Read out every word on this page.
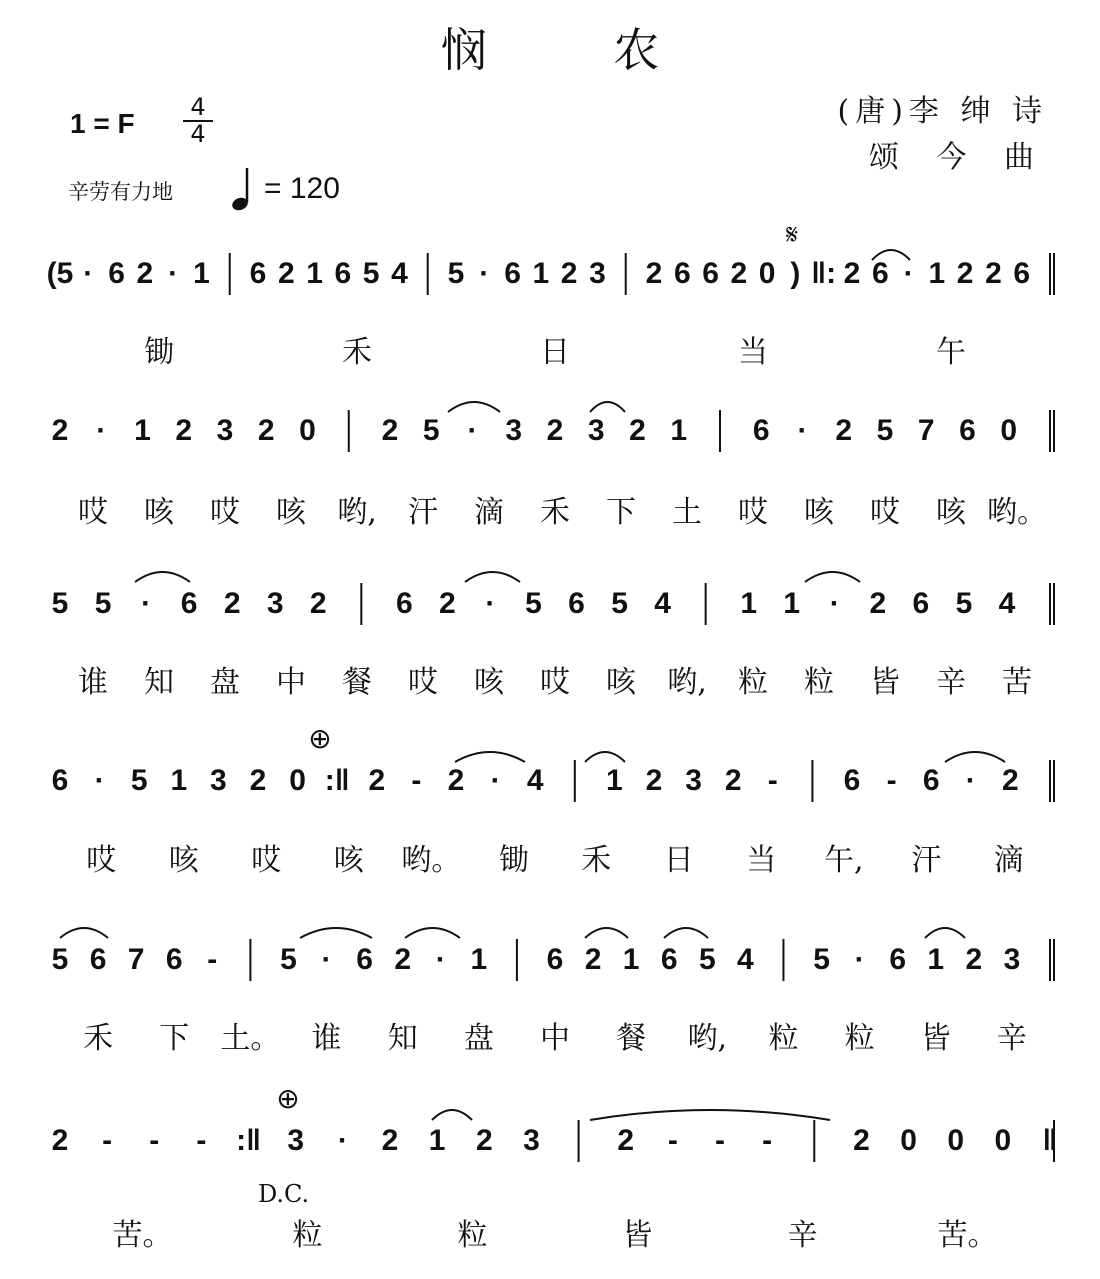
悯 农
1 = F
4
4
(唐)李 绅 诗
颂 今 曲
辛劳有力地	= 120
(5 · 6 2 · 1 | 6 2 1 6 5 4 | 5 · 6 1 2 3 | 2 6 6 2 0 ) ‖: 2 6 · 1 2 2 6 |
锄	禾	日	当	午
2 · 1 2 3 2 0 | 2 5 · 3 2 3 2 1 | 6 · 2 5 7 6 0 |
哎 咳 哎 咳 哟, 汗 滴 禾 下 土 哎 咳 哎 咳 哟。
5 5 · 6 2 3 2 | 6 2 · 5 6 5 4 | 1 1 · 2 6 5 4 |
谁 知 盘 中 餐 哎 咳 哎 咳 哟, 粒 粒 皆 辛 苦
6 · 5 1 3 2 0 :‖ 2 - 2 · 4 | 1 2 3 2 - | 6 - 6 · 2 |
哎 咳 哎 咳 哟。 锄 禾 日 当 午, 汗 滴
5 6 7 6 - | 5 · 6 2 · 1 | 6 2 1 6 5 4 | 5 · 6 1 2 3 |
禾 下 土。 谁 知 盘 中 餐 哟, 粒 粒 皆 辛
2 - - - :‖ 3 · 2 1 2 3 | 2 - - - | 2 0 0 0 ‖
苦。	粒	粒	皆	辛	苦。
𝄋
⊕
⊕
D.C.
